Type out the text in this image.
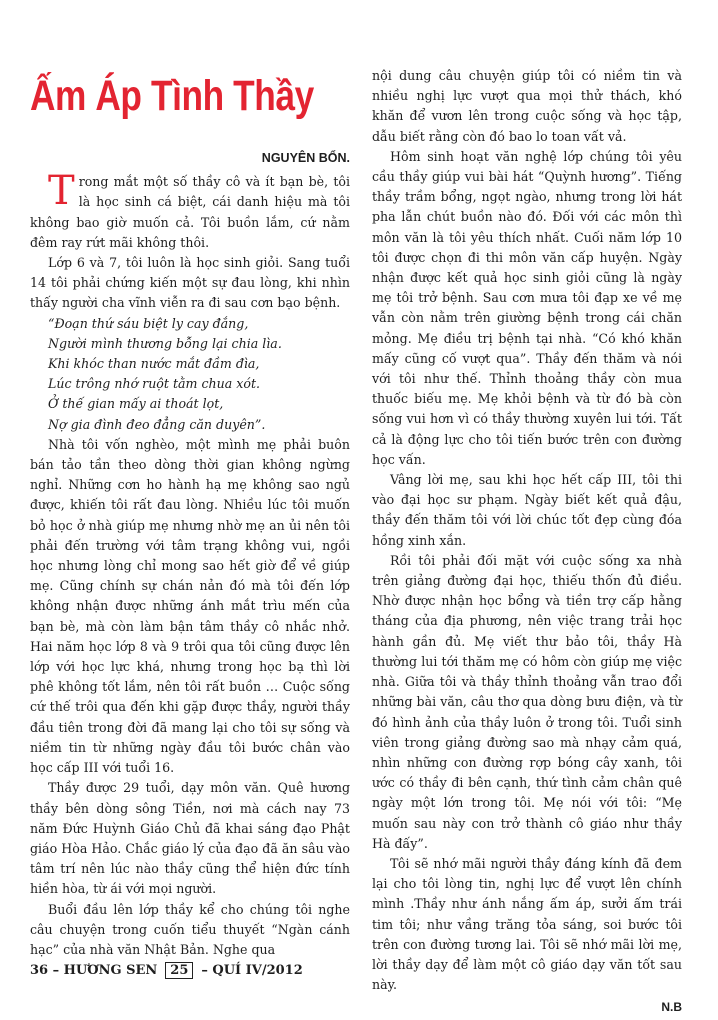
Ấm Áp Tình Thầy
NGUYÊN BỔN.

Trong mắt một số thầy cô và ít bạn bè, tôi là học sinh cá biệt, cái danh hiệu mà tôi không bao giờ muốn cả. Tôi buồn lắm, cứ nằm đêm ray rứt mãi không thôi.

Lớp 6 và 7, tôi luôn là học sinh giỏi. Sang tuổi 14 tôi phải chứng kiến một sự đau lòng, khi nhìn thấy người cha vĩnh viễn ra đi sau cơn bạo bệnh.

“Đoạn thứ sáu biệt ly cay đắng,
Người mình thương bỗng lại chia lìa.
Khi khóc than nước mắt đầm đìa,
Lúc trông nhớ ruột tằm chua xót.
Ở thế gian mấy ai thoát lọt,
Nợ gia đình đeo đẳng căn duyên”.

Nhà tôi vốn nghèo, một mình mẹ phải buôn bán tảo tần theo dòng thời gian không ngừng nghỉ. Những cơn ho hành hạ mẹ không sao ngủ được, khiến tôi rất đau lòng. Nhiều lúc tôi muốn bỏ học ở nhà giúp mẹ nhưng nhờ mẹ an ủi nên tôi phải đến trường với tâm trạng không vui, ngồi học nhưng lòng chỉ mong sao hết giờ để về giúp mẹ. Cũng chính sự chán nản đó mà tôi đến lớp không nhận được những ánh mắt trìu mến của bạn bè, mà còn làm bận tâm thầy cô nhắc nhở. Hai năm học lớp 8 và 9 trôi qua tôi cũng được lên lớp với học lực khá, nhưng trong học bạ thì lời phê không tốt lắm, nên tôi rất buồn … Cuộc sống cứ thế trôi qua đến khi gặp được thầy, người thầy đầu tiên trong đời đã mang lại cho tôi sự sống và niềm tin từ những ngày đầu tôi bước chân vào học cấp III với tuổi 16.

Thầy được 29 tuổi, dạy môn văn. Quê hương thầy bên dòng sông Tiền, nơi mà cách nay 73 năm Đức Huỳnh Giáo Chủ đã khai sáng đạo Phật giáo Hòa Hảo. Chắc giáo lý của đạo đã ăn sâu vào tâm trí nên lúc nào thầy cũng thể hiện đức tính hiền hòa, từ ái với mọi người.

Buổi đầu lên lớp thầy kể cho chúng tôi nghe câu chuyện trong cuốn tiểu thuyết “Ngàn cánh hạc” của nhà văn Nhật Bản. Nghe qua

nội dung câu chuyện giúp tôi có niềm tin và nhiều nghị lực vượt qua mọi thử thách, khó khăn để vươn lên trong cuộc sống và học tập, dẫu biết rằng còn đó bao lo toan vất vả.

Hôm sinh hoạt văn nghệ lớp chúng tôi yêu cầu thầy giúp vui bài hát “Quỳnh hương”. Tiếng thầy trầm bổng, ngọt ngào, nhưng trong lời hát pha lẫn chút buồn nào đó. Đối với các môn thì môn văn là tôi yêu thích nhất. Cuối năm lớp 10 tôi được chọn đi thi môn văn cấp huyện. Ngày nhận được kết quả học sinh giỏi cũng là ngày mẹ tôi trở bệnh. Sau cơn mưa tôi đạp xe về mẹ vẫn còn nằm trên giường bệnh trong cái chăn mỏng. Mẹ điều trị bệnh tại nhà. “Có khó khăn mấy cũng cố vượt qua”. Thầy đến thăm và nói với tôi như thế. Thỉnh thoảng thầy còn mua thuốc biếu mẹ. Mẹ khỏi bệnh và từ đó bà còn sống vui hơn vì có thầy thường xuyên lui tới. Tất cả là động lực cho tôi tiến bước trên con đường học vấn.

Vâng lời mẹ, sau khi học hết cấp III, tôi thi vào đại học sư phạm. Ngày biết kết quả đậu, thầy đến thăm tôi với lời chúc tốt đẹp cùng đóa hồng xinh xắn.

Rồi tôi phải đối mặt với cuộc sống xa nhà trên giảng đường đại học, thiếu thốn đủ điều. Nhờ được nhận học bổng và tiền trợ cấp hằng tháng của địa phương, nên việc trang trải học hành gần đủ. Mẹ viết thư bảo tôi, thầy Hà thường lui tới thăm mẹ có hôm còn giúp mẹ việc nhà. Giữa tôi và thầy thỉnh thoảng vẫn trao đổi những bài văn, câu thơ qua dòng bưu điện, và từ đó hình ảnh của thầy luôn ở trong tôi. Tuổi sinh viên trong giảng đường sao mà nhạy cảm quá, nhìn những con đường rợp bóng cây xanh, tôi ước có thầy đi bên cạnh, thứ tình cảm chân quê ngày một lớn trong tôi. Mẹ nói với tôi: “Mẹ muốn sau này con trở thành cô giáo như thầy Hà đấy”.

Tôi sẽ nhớ mãi người thầy đáng kính đã đem lại cho tôi lòng tin, nghị lực để vượt lên chính mình .Thầy như ánh nắng ấm áp, sưởi ấm trái tim tôi; như vầng trăng tỏa sáng, soi bước tôi trên con đường tương lai. Tôi sẽ nhớ mãi lời mẹ, lời thầy dạy để làm một cô giáo dạy văn tốt sau này.

N.B
36 – HƯƠNG SEN	25	– QUÍ IV/2012
